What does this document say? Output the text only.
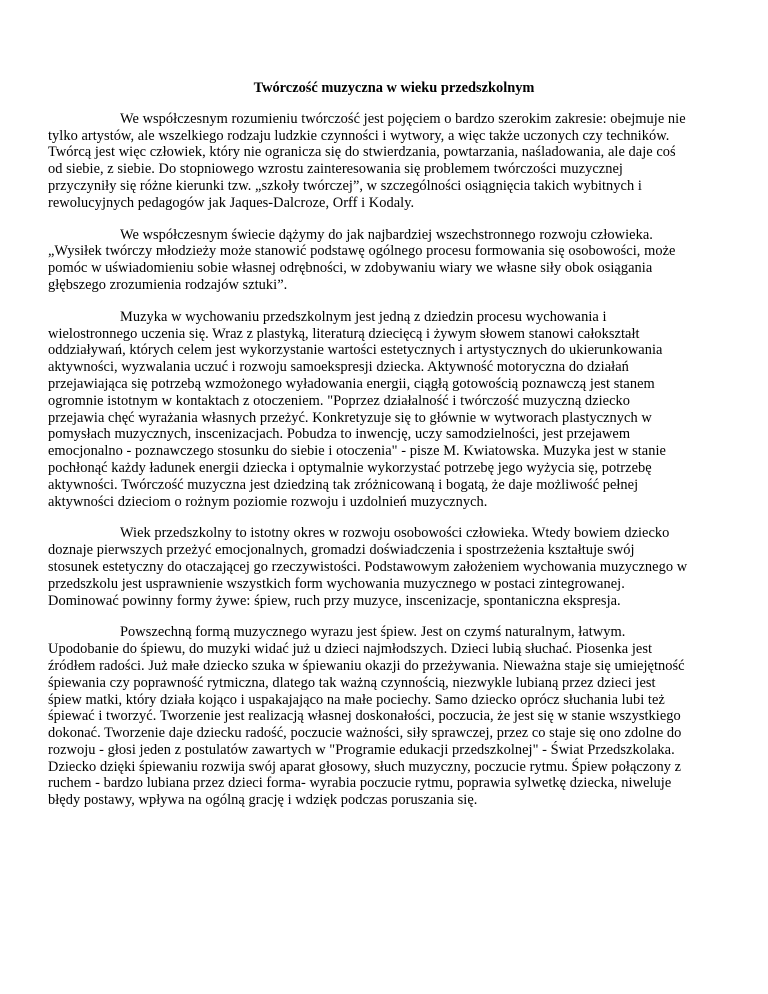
Twórczość muzyczna w wieku przedszkolnym

We współczesnym rozumieniu twórczość jest pojęciem o bardzo szerokim zakresie: obejmuje nie tylko artystów, ale wszelkiego rodzaju ludzkie czynności i wytwory, a więc także uczonych czy techników. Twórcą jest więc człowiek, który nie ogranicza się do stwierdzania, powtarzania, naśladowania, ale daje coś od siebie, z siebie. Do stopniowego wzrostu zainteresowania się problemem twórczości muzycznej przyczyniły się różne kierunki tzw. „szkoły twórczej”, w szczególności osiągnięcia takich wybitnych i rewolucyjnych pedagogów jak Jaques-Dalcroze, Orff i Kodaly.

We współczesnym świecie dążymy do jak najbardziej wszechstronnego rozwoju człowieka. „Wysiłek twórczy młodzieży może stanowić podstawę ogólnego procesu formowania się osobowości, może pomóc w uświadomieniu sobie własnej odrębności, w zdobywaniu wiary we własne siły obok osiągania głębszego zrozumienia rodzajów sztuki”.

Muzyka w wychowaniu przedszkolnym jest jedną z dziedzin procesu wychowania i wielostronnego uczenia się. Wraz z plastyką, literaturą dziecięcą i żywym słowem stanowi całokształt oddziaływań, których celem jest wykorzystanie wartości estetycznych i artystycznych do ukierunkowania aktywności, wyzwalania uczuć i rozwoju samoekspresji dziecka. Aktywność motoryczna do działań przejawiająca się potrzebą wzmożonego wyładowania energii, ciągłą gotowością poznawczą jest stanem ogromnie istotnym w kontaktach z otoczeniem. "Poprzez działalność i twórczość muzyczną dziecko przejawia chęć wyrażania własnych przeżyć. Konkretyzuje się to głównie w wytworach plastycznych w pomysłach muzycznych, inscenizacjach. Pobudza to inwencję, uczy samodzielności, jest przejawem emocjonalno - poznawczego stosunku do siebie i otoczenia" - pisze M. Kwiatowska. Muzyka jest w stanie pochłonąć każdy ładunek energii dziecka i optymalnie wykorzystać potrzebę jego wyżycia się, potrzebę aktywności. Twórczość muzyczna jest dziedziną tak zróżnicowaną i bogatą, że daje możliwość pełnej aktywności dzieciom o rożnym poziomie rozwoju i uzdolnień muzycznych.

Wiek przedszkolny to istotny okres w rozwoju osobowości człowieka. Wtedy bowiem dziecko doznaje pierwszych przeżyć emocjonalnych, gromadzi doświadczenia i spostrzeżenia kształtuje swój stosunek estetyczny do otaczającej go rzeczywistości. Podstawowym założeniem wychowania muzycznego w przedszkolu jest usprawnienie wszystkich form wychowania muzycznego w postaci zintegrowanej. Dominować powinny formy żywe: śpiew, ruch przy muzyce, inscenizacje, spontaniczna ekspresja.

Powszechną formą muzycznego wyrazu jest śpiew. Jest on czymś naturalnym, łatwym. Upodobanie do śpiewu, do muzyki widać już u dzieci najmłodszych. Dzieci lubią słuchać. Piosenka jest źródłem radości. Już małe dziecko szuka w śpiewaniu okazji do przeżywania. Nieważna staje się umiejętność śpiewania czy poprawność rytmiczna, dlatego tak ważną czynnością, niezwykle lubianą przez dzieci jest śpiew matki, który działa kojąco i uspakajająco na małe pociechy. Samo dziecko oprócz słuchania lubi też śpiewać i tworzyć. Tworzenie jest realizacją własnej doskonałości, poczucia, że jest się w stanie wszystkiego dokonać. Tworzenie daje dziecku radość, poczucie ważności, siły sprawczej, przez co staje się ono zdolne do rozwoju - głosi jeden z postulatów zawartych w "Programie edukacji przedszkolnej" - Świat Przedszkolaka. Dziecko dzięki śpiewaniu rozwija swój aparat głosowy, słuch muzyczny, poczucie rytmu. Śpiew połączony z ruchem - bardzo lubiana przez dzieci forma- wyrabia poczucie rytmu, poprawia sylwetkę dziecka, niweluje błędy postawy, wpływa na ogólną grację i wdzięk podczas poruszania się.
